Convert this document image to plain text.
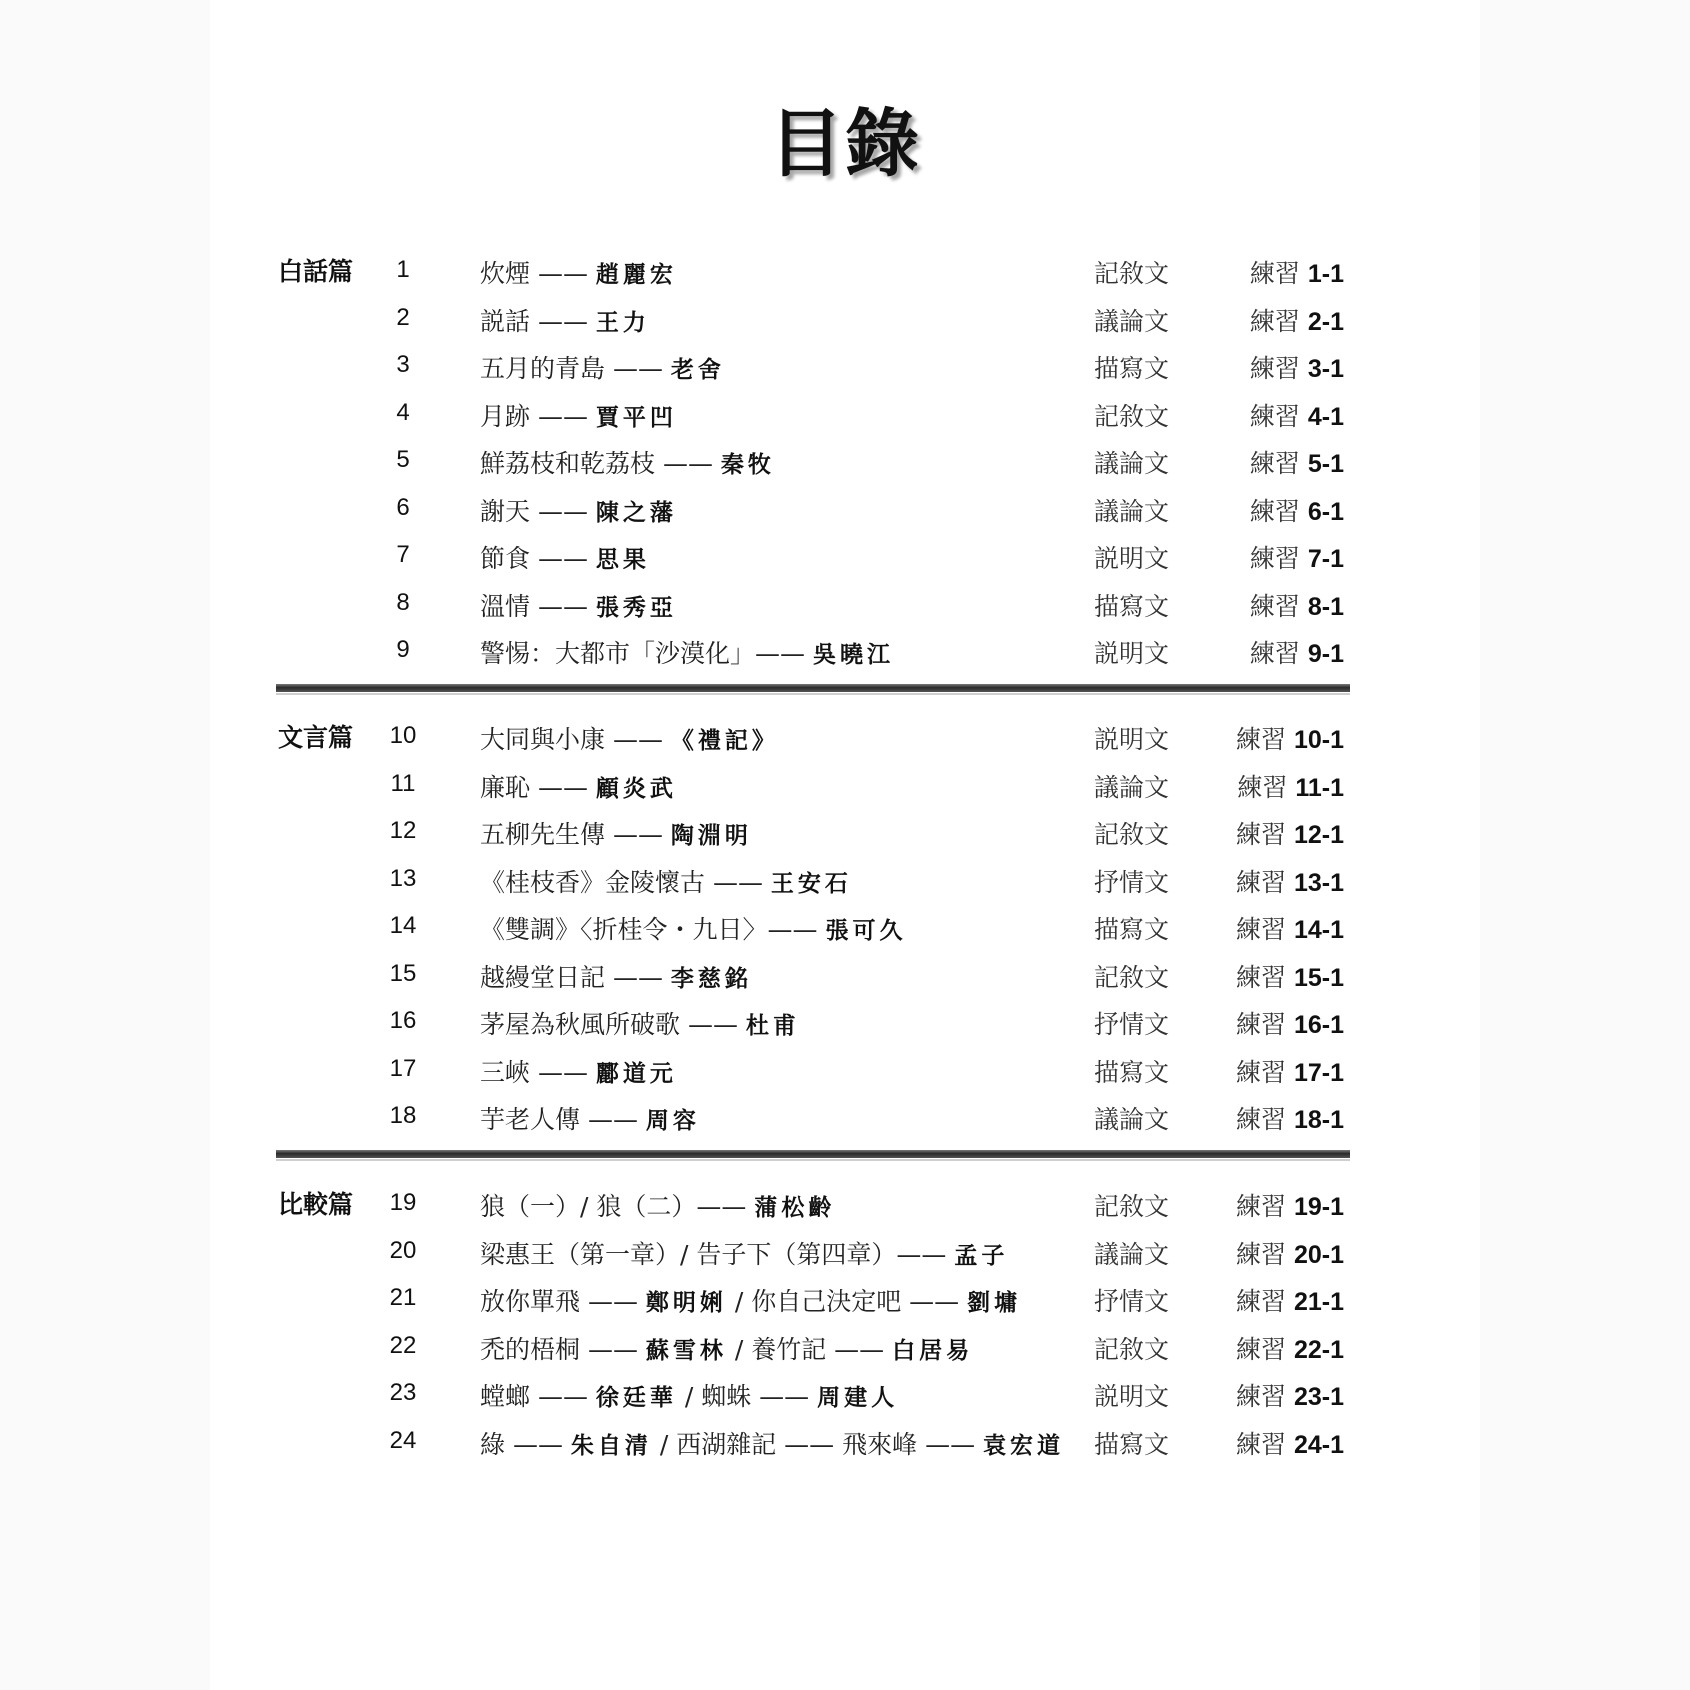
目錄
白話篇	1	炊煙 —— 趙麗宏	記敘文	練習 1-1
2	説話 —— 王力	議論文	練習 2-1
3	五月的青島 —— 老舍	描寫文	練習 3-1
4	月跡 —— 賈平凹	記敘文	練習 4-1
5	鮮荔枝和乾荔枝 —— 秦牧	議論文	練習 5-1
6	謝天 —— 陳之藩	議論文	練習 6-1
7	節食 —— 思果	説明文	練習 7-1
8	溫情 —— 張秀亞	描寫文	練習 8-1
9	警惕：大都市「沙漠化」—— 吳曉江	説明文	練習 9-1
文言篇	10	大同與小康 —— 《禮記》	説明文	練習 10-1
11	廉恥 —— 顧炎武	議論文	練習 11-1
12	五柳先生傳 —— 陶淵明	記敘文	練習 12-1
13	《桂枝香》金陵懷古 —— 王安石	抒情文	練習 13-1
14	《雙調》〈折桂令・九日〉—— 張可久	描寫文	練習 14-1
15	越縵堂日記 —— 李慈銘	記敘文	練習 15-1
16	茅屋為秋風所破歌 —— 杜甫	抒情文	練習 16-1
17	三峽 —— 酈道元	描寫文	練習 17-1
18	芋老人傳 —— 周容	議論文	練習 18-1
比較篇	19	狼（一）/ 狼（二）—— 蒲松齡	記敘文	練習 19-1
20	梁惠王（第一章）/ 告子下（第四章）—— 孟子	議論文	練習 20-1
21	放你單飛 —— 鄭明娳 / 你自己決定吧 —— 劉墉	抒情文	練習 21-1
22	禿的梧桐 —— 蘇雪林 / 養竹記 —— 白居易	記敘文	練習 22-1
23	螳螂 —— 徐廷華 / 蜘蛛 —— 周建人	説明文	練習 23-1
24	綠 —— 朱自清 / 西湖雜記 —— 飛來峰 —— 袁宏道 描寫文	練習 24-1
